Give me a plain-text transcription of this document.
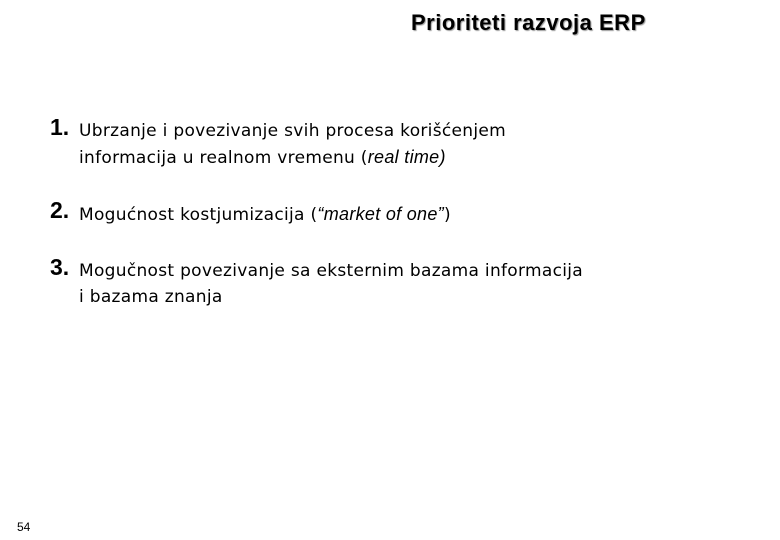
Prioriteti razvoja ERP
1. Ubrzanje i povezivanje svih procesa korišćenjem
informacija u realnom vremenu (real time)
2. Mogućnost kostjumizacija (“market of one”)
3. Mogučnost povezivanje sa eksternim bazama informacija
i bazama znanja
54
